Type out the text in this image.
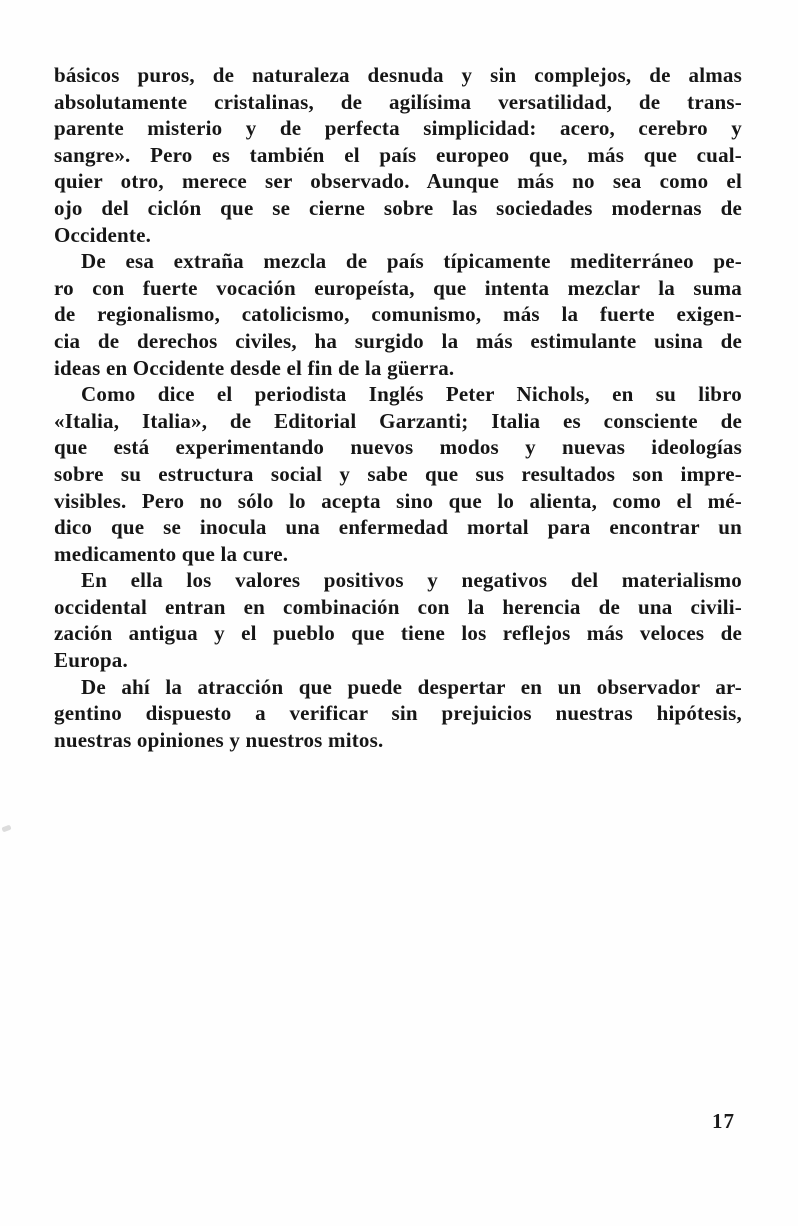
básicos puros, de naturaleza desnuda y sin complejos, de almas
absolutamente cristalinas, de agilísima versatilidad, de trans-
parente misterio y de perfecta simplicidad: acero, cerebro y
sangre». Pero es también el país europeo que, más que cual-
quier otro, merece ser observado. Aunque más no sea como el
ojo del ciclón que se cierne sobre las sociedades modernas de
Occidente.
De esa extraña mezcla de país típicamente mediterráneo pe-
ro con fuerte vocación europeísta, que intenta mezclar la suma
de regionalismo, catolicismo, comunismo, más la fuerte exigen-
cia de derechos civiles, ha surgido la más estimulante usina de
ideas en Occidente desde el fin de la güerra.
Como dice el periodista Inglés Peter Nichols, en su libro
«Italia, Italia», de Editorial Garzanti; Italia es consciente de
que está experimentando nuevos modos y nuevas ideologías
sobre su estructura social y sabe que sus resultados son impre-
visibles. Pero no sólo lo acepta sino que lo alienta, como el mé-
dico que se inocula una enfermedad mortal para encontrar un
medicamento que la cure.
En ella los valores positivos y negativos del materialismo
occidental entran en combinación con la herencia de una civili-
zación antigua y el pueblo que tiene los reflejos más veloces de
Europa.
De ahí la atracción que puede despertar en un observador ar-
gentino dispuesto a verificar sin prejuicios nuestras hipótesis,
nuestras opiniones y nuestros mitos.
17
